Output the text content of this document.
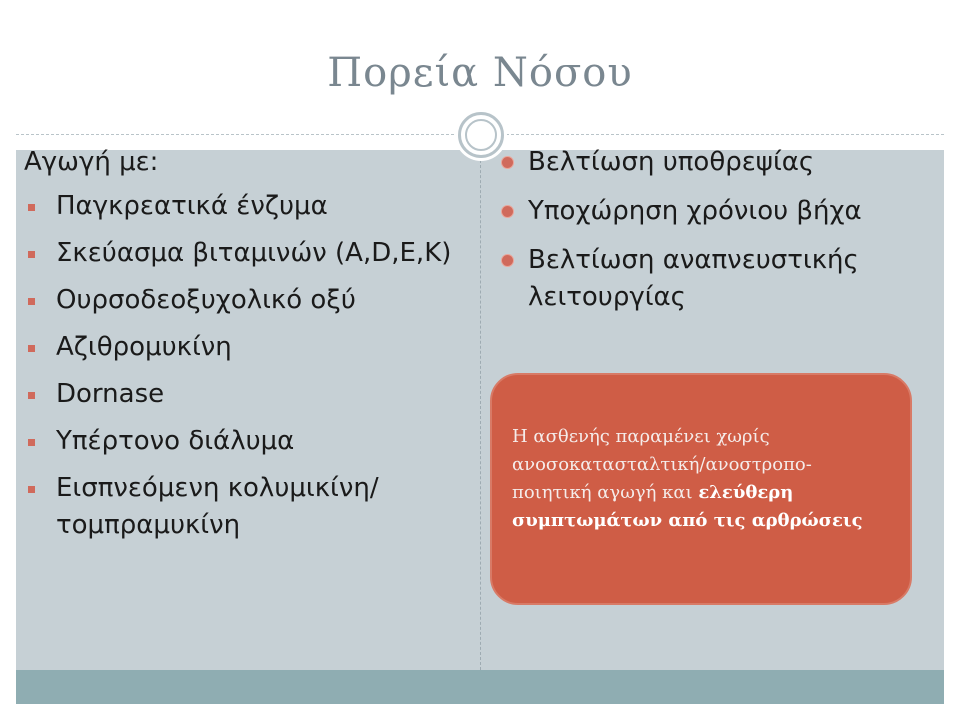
Πορεία Νόσου
Αγωγή με:
Παγκρεατικά ένζυμα
Σκεύασμα βιταμινών (A,D,E,K)
Ουρσοδεοξυχολικό οξύ
Αζιθρομυκίνη
Dornase
Υπέρτονο διάλυμα
Εισπνεόμενη κολυμικίνη/τομπραμυκίνη
Βελτίωση υποθρεψίας
Υποχώρηση χρόνιου βήχα
Βελτίωση αναπνευστικής λειτουργίας
Η ασθενής παραμένει χωρίς ανοσοκατασταλτική/ανοστροπο-ποιητική αγωγή και ελεύθερη συμπτωμάτων από τις αρθρώσεις
